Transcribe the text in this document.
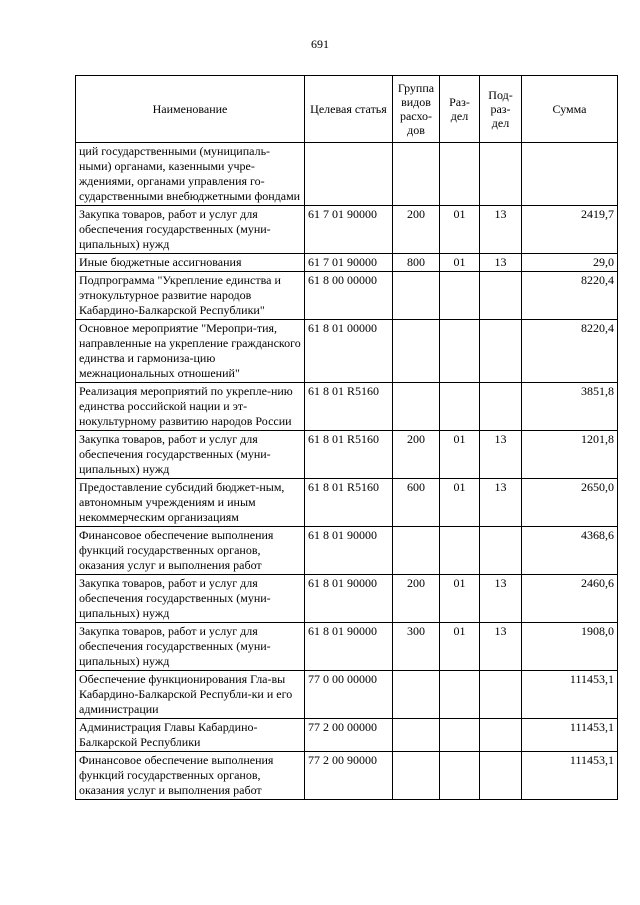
691
Наименование	Целевая статья	Группа видов расхо-дов	Раз-дел	Под-раз-дел	Сумма
ций государственными (муниципаль-ными) органами, казенными учре-ждениями, органами управления го-сударственными внебюджетными фондами					
Закупка товаров, работ и услуг для обеспечения государственных (муни-ципальных) нужд	61 7 01 90000	200	01	13	2419,7
Иные бюджетные ассигнования	61 7 01 90000	800	01	13	29,0
Подпрограмма "Укрепление единства и этнокультурное развитие народов Кабардино-Балкарской Республики"	61 8 00 00000				8220,4
Основное мероприятие "Меропри-тия, направленные на укрепление гражданского единства и гармониза-цию межнациональных отношений"	61 8 01 00000				8220,4
Реализация мероприятий по укрепле-нию единства российской нации и эт-нокультурному развитию народов России	61 8 01 R5160				3851,8
Закупка товаров, работ и услуг для обеспечения государственных (муни-ципальных) нужд	61 8 01 R5160	200	01	13	1201,8
Предоставление субсидий бюджет-ным, автономным учреждениям и иным некоммерческим организациям	61 8 01 R5160	600	01	13	2650,0
Финансовое обеспечение выполнения функций государственных органов, оказания услуг и выполнения работ	61 8 01 90000				4368,6
Закупка товаров, работ и услуг для обеспечения государственных (муни-ципальных) нужд	61 8 01 90000	200	01	13	2460,6
Закупка товаров, работ и услуг для обеспечения государственных (муни-ципальных) нужд	61 8 01 90000	300	01	13	1908,0
Обеспечение функционирования Гла-вы Кабардино-Балкарской Республи-ки и его администрации	77 0 00 00000				111453,1
Администрация Главы Кабардино-Балкарской Республики	77 2 00 00000				111453,1
Финансовое обеспечение выполнения функций государственных органов, оказания услуг и выполнения работ	77 2 00 90000				111453,1
